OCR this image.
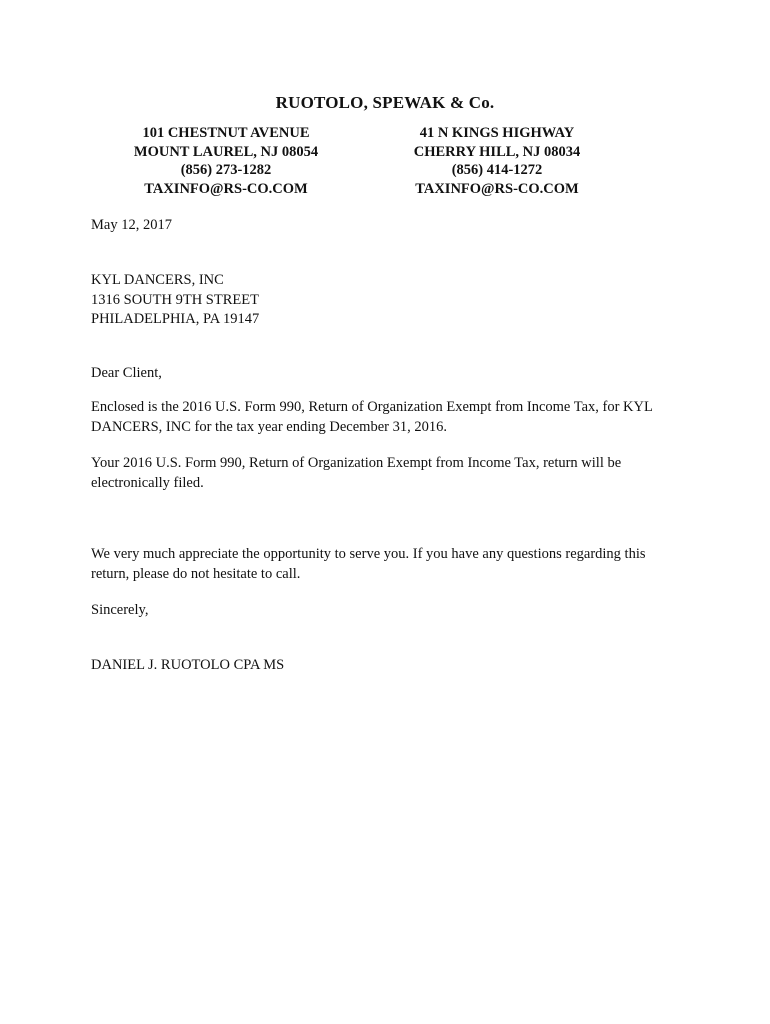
RUOTOLO, SPEWAK & Co.
101 CHESTNUT AVENUE
MOUNT LAUREL, NJ 08054
(856) 273-1282
TAXINFO@RS-CO.COM
41 N KINGS HIGHWAY
CHERRY HILL, NJ 08034
(856) 414-1272
TAXINFO@RS-CO.COM
May 12, 2017
KYL DANCERS, INC
1316 SOUTH 9TH STREET
PHILADELPHIA, PA 19147
Dear Client,
Enclosed is the 2016 U.S. Form 990, Return of Organization Exempt from Income Tax, for KYL
DANCERS, INC for the tax year ending December 31, 2016.
Your 2016 U.S. Form 990, Return of Organization Exempt from Income Tax, return will be
electronically filed.
We very much appreciate the opportunity to serve you. If you have any questions regarding this
return, please do not hesitate to call.
Sincerely,
DANIEL J. RUOTOLO CPA MS
